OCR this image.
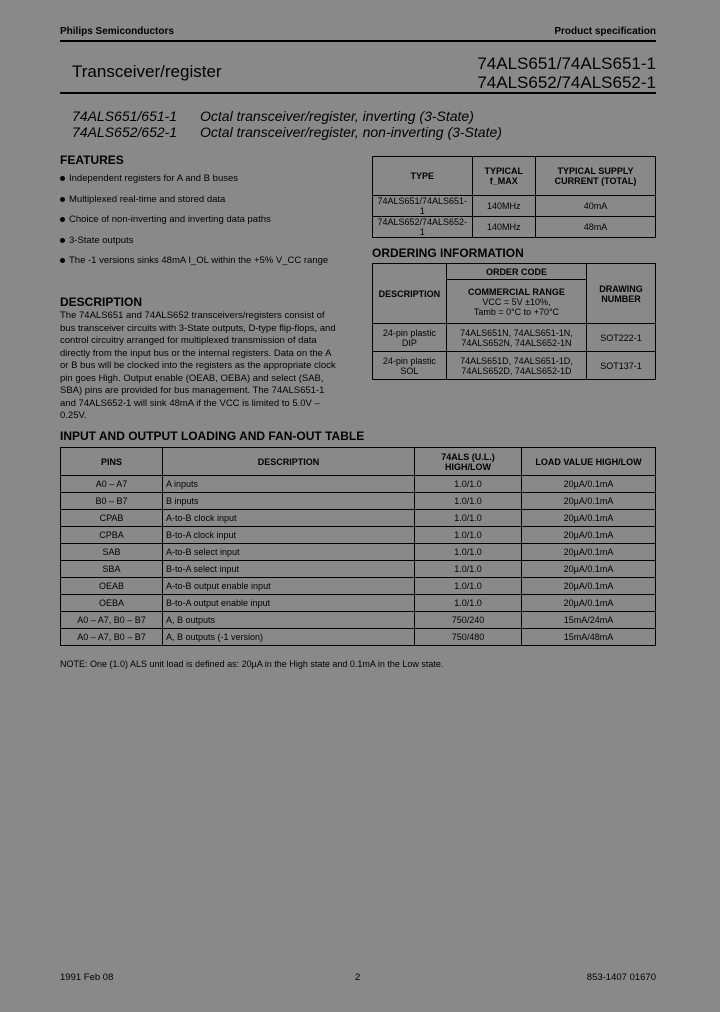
Philips Semiconductors	Product specification
Transceiver/register	74ALS651/74ALS651-1
74ALS652/74ALS652-1
74ALS651/651-1 Octal transceiver/register, inverting (3-State)
74ALS652/652-1 Octal transceiver/register, non-inverting (3-State)
FEATURES
Independent registers for A and B buses
Multiplexed real-time and stored data
Choice of non-inverting and inverting data paths
3-State outputs
The -1 versions sinks 48mA I_OL within the +5% V_CC range
TYPE	TYPICAL f_MAX	TYPICAL SUPPLY CURRENT (TOTAL)
74ALS651/74ALS651-1	140MHz	40mA
74ALS652/74ALS652-1	140MHz	48mA
ORDERING INFORMATION
DESCRIPTION	ORDER CODE	DRAWING NUMBER

	COMMERCIAL RANGE
VCC = 5V ±10%,
Tamb = 0°C to +70°C	

24-pin plastic DIP	74ALS651N, 74ALS651-1N, 74ALS652N, 74ALS652-1N	SOT222-1
24-pin plastic SOL	74ALS651D, 74ALS651-1D, 74ALS652D, 74ALS652-1D	SOT137-1
DESCRIPTION
The 74ALS651 and 74ALS652 transceivers/registers consist of bus transceiver circuits with 3-State outputs, D-type flip-flops, and control circuitry arranged for multiplexed transmission of data directly from the input bus or the internal registers. Data on the A or B bus will be clocked into the registers as the appropriate clock pin goes High. Output enable (OEAB, OEBA) and select (SAB, SBA) pins are provided for bus management. The 74ALS651-1 and 74ALS652-1 will sink 48mA if the VCC is limited to 5.0V – 0.25V.
INPUT AND OUTPUT LOADING AND FAN-OUT TABLE
PINS	DESCRIPTION	74ALS (U.L.) HIGH/LOW	LOAD VALUE HIGH/LOW
A0 – A7	A inputs	1.0/1.0	20µA/0.1mA
B0 – B7	B inputs	1.0/1.0	20µA/0.1mA
CPAB	A-to-B clock input	1.0/1.0	20µA/0.1mA
CPBA	B-to-A clock input	1.0/1.0	20µA/0.1mA
SAB	A-to-B select input	1.0/1.0	20µA/0.1mA
SBA	B-to-A select input	1.0/1.0	20µA/0.1mA
OEAB	A-to-B output enable input	1.0/1.0	20µA/0.1mA
OEBA	B-to-A output enable input	1.0/1.0	20µA/0.1mA
A0 – A7, B0 – B7	A, B outputs	750/240	15mA/24mA
A0 – A7, B0 – B7	A, B outputs (-1 version)	750/480	15mA/48mA
NOTE: One (1.0) ALS unit load is defined as: 20µA in the High state and 0.1mA in the Low state.
1991 Feb 08	2	853-1407 01670
